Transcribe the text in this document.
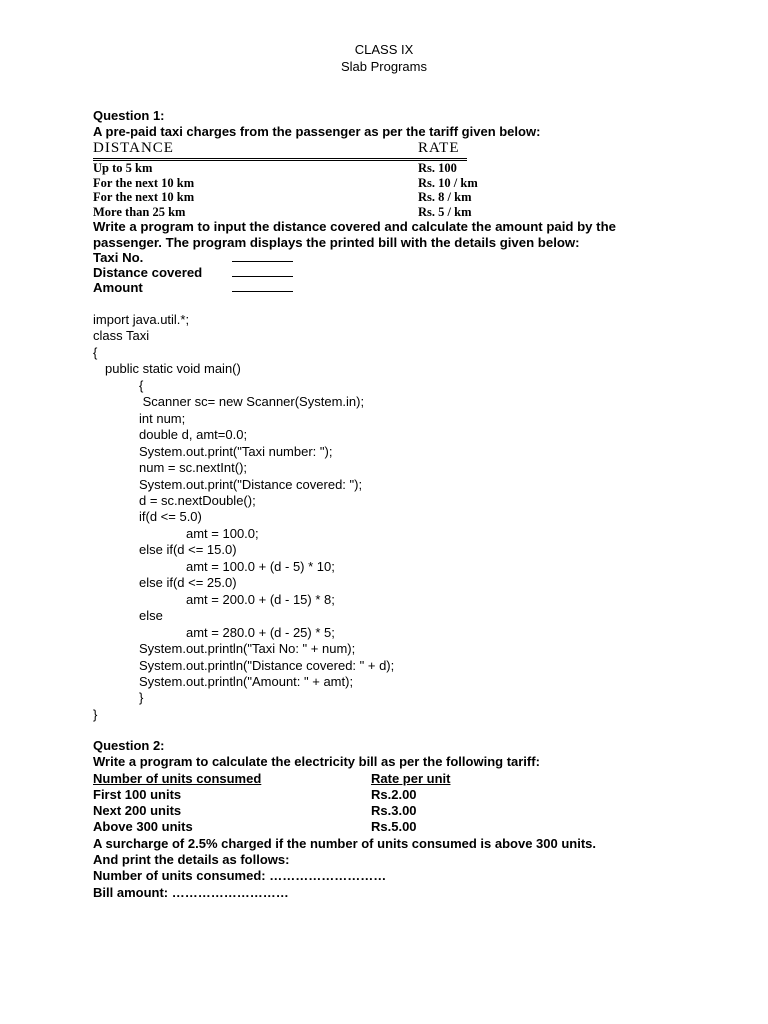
CLASS IX
Slab Programs
Question 1:
A pre-paid taxi charges from the passenger as per the tariff given below:
DISTANCE	RATE
Up to 5 km	Rs. 100
For the next 10 km	Rs. 10 / km
For the next 10 km	Rs. 8 / km
More than 25 km	Rs. 5 / km
Write a program to input the distance covered and calculate the amount paid by the
passenger. The program displays the printed bill with the details given below:
Taxi No.
Distance covered
Amount
import java.util.*;
class Taxi
{
public static void main()
{
Scanner sc= new Scanner(System.in);
int num;
double d, amt=0.0;
System.out.print("Taxi number: ");
num = sc.nextInt();
System.out.print("Distance covered: ");
d = sc.nextDouble();
if(d <= 5.0)
amt = 100.0;
else if(d <= 15.0)
amt = 100.0 + (d - 5) * 10;
else if(d <= 25.0)
amt = 200.0 + (d - 15) * 8;
else
amt = 280.0 + (d - 25) * 5;
System.out.println("Taxi No: " + num);
System.out.println("Distance covered: " + d);
System.out.println("Amount: " + amt);
}
}
Question 2:
Write a program to calculate the electricity bill as per the following tariff:
Number of units consumed	Rate per unit
First 100 units	Rs.2.00
Next 200 units	Rs.3.00
Above 300 units	Rs.5.00
A surcharge of 2.5% charged if the number of units consumed is above 300 units.
And print the details as follows:
Number of units consumed: ………………………
Bill amount: ………………………
